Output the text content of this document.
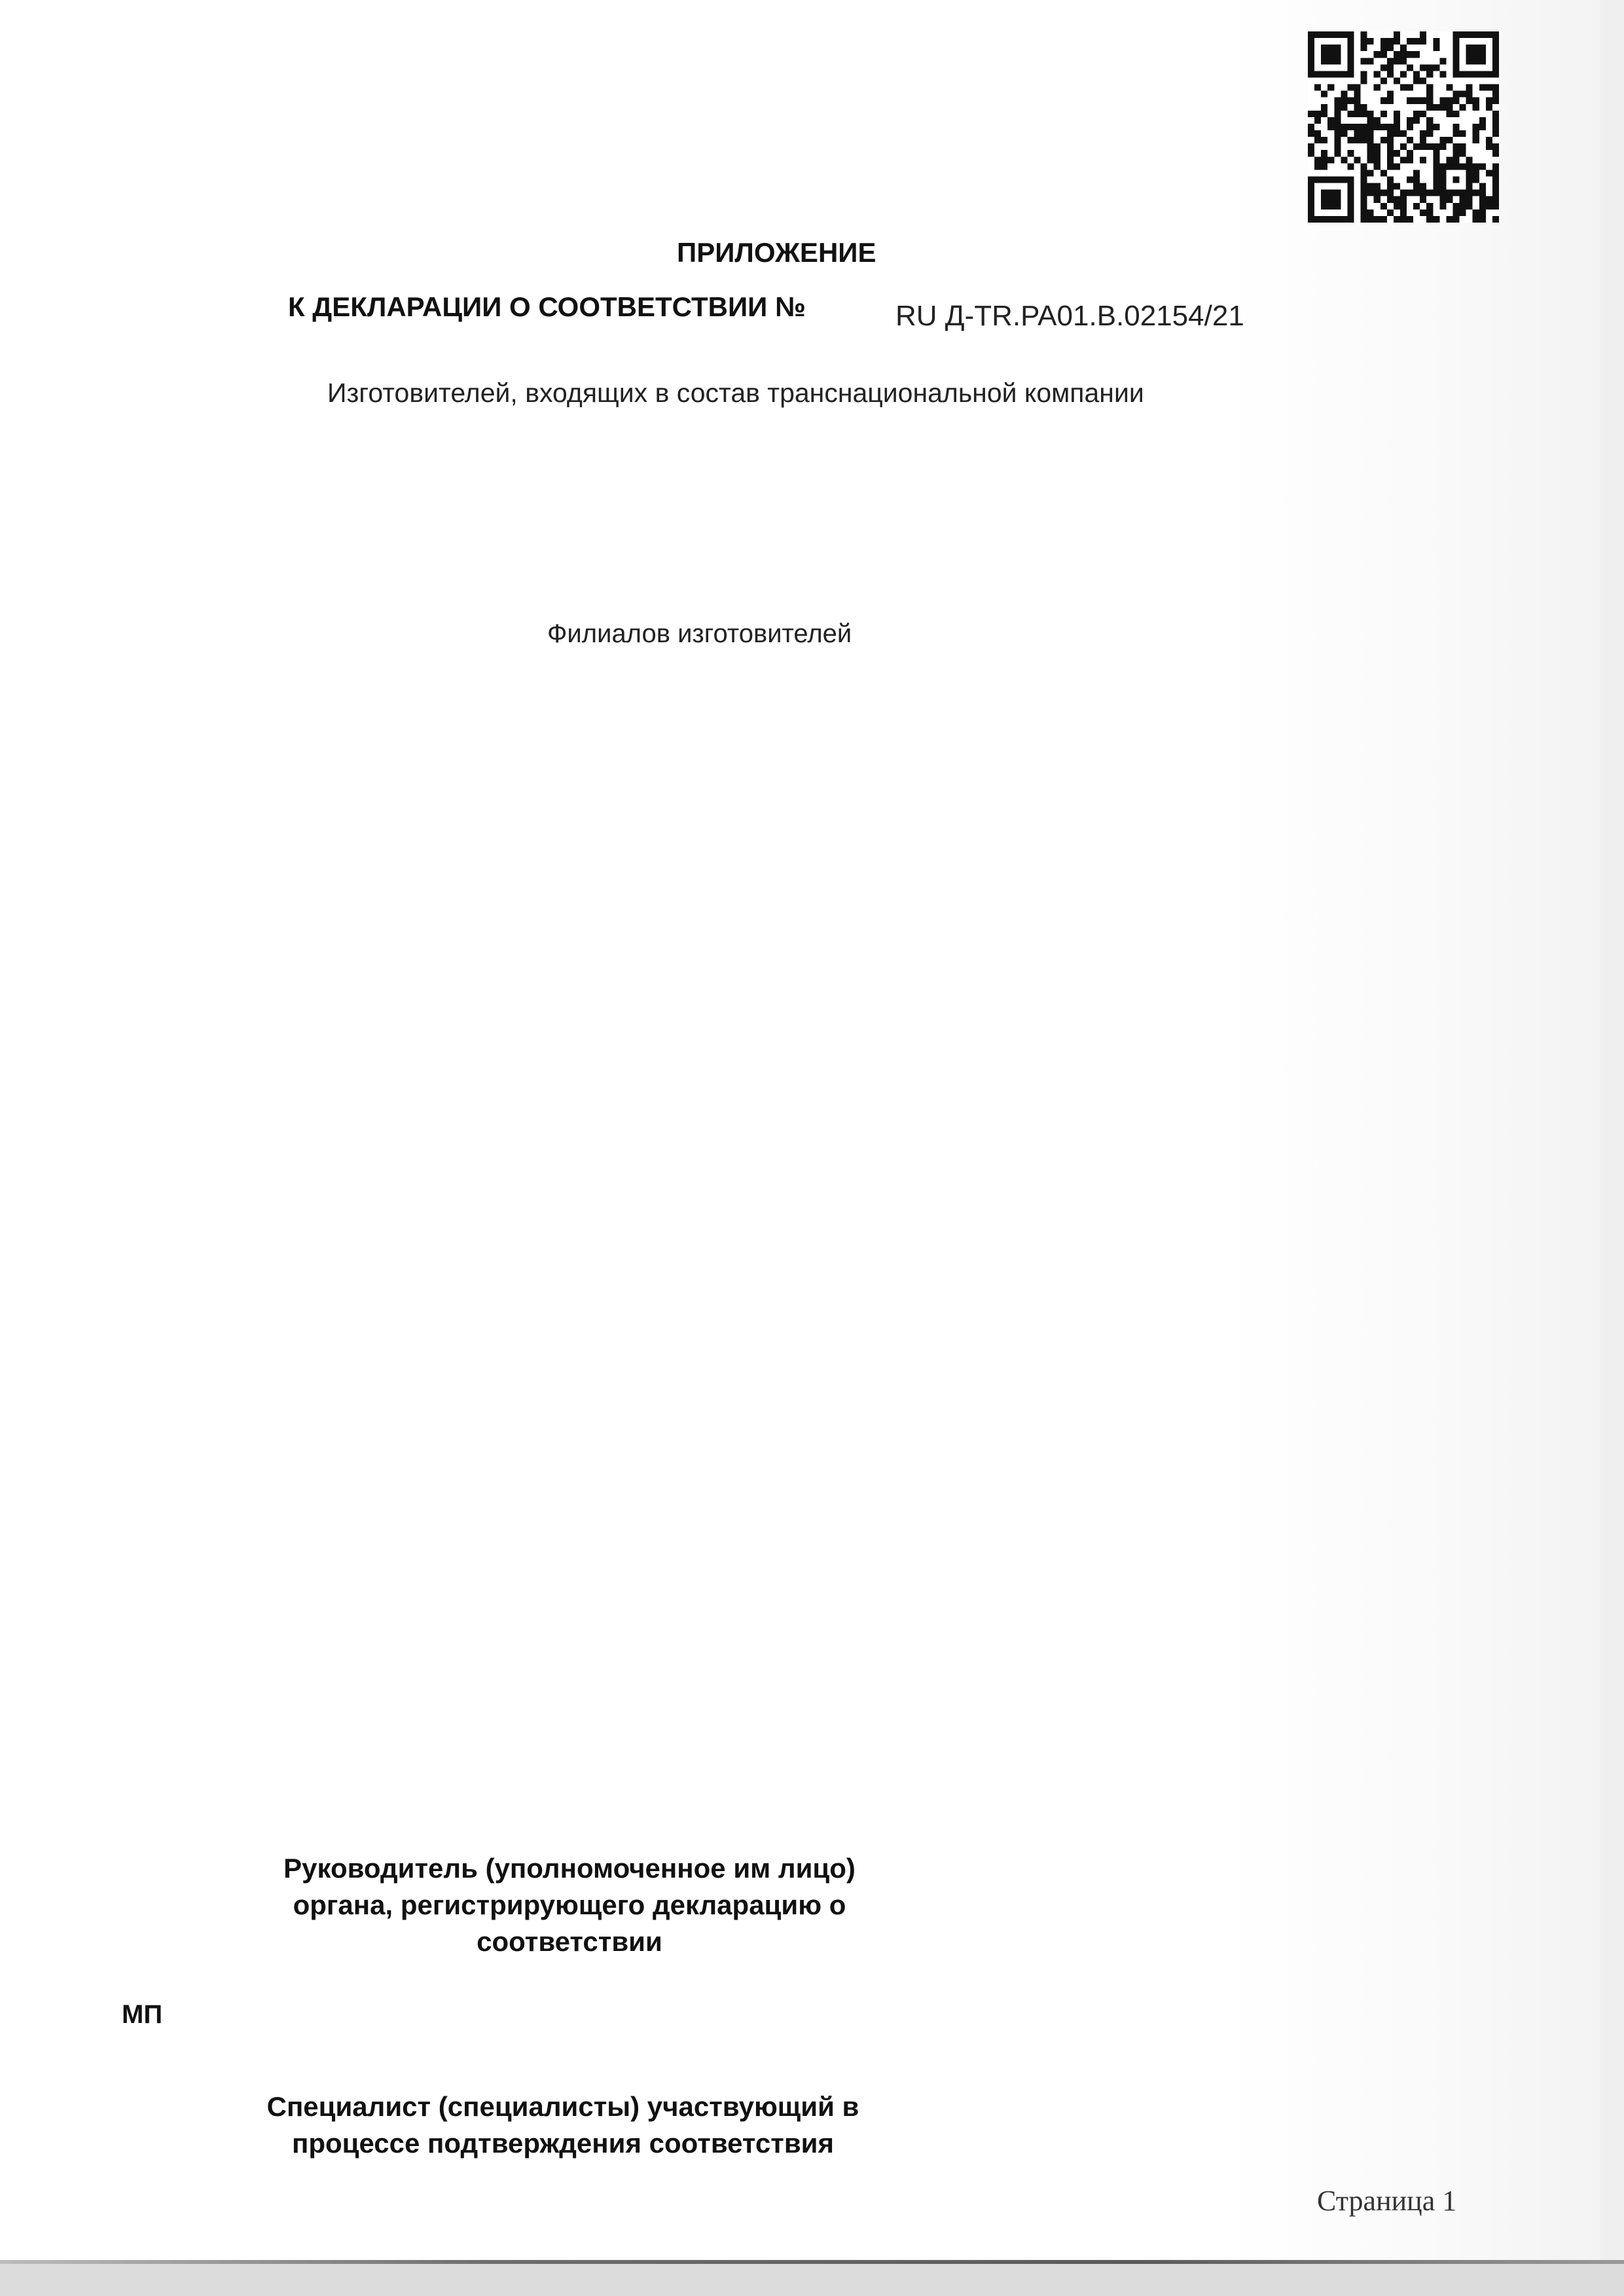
ПРИЛОЖЕНИЕ
К ДЕКЛАРАЦИИ О СООТВЕТСТВИИ №	RU Д-TR.PA01.B.02154/21
Изготовителей, входящих в состав транснациональной компании
Филиалов изготовителей
Руководитель (уполномоченное им лицо)
органа, регистрирующего декларацию о
соответствии
МП
Специалист (специалисты) участвующий в
процессе подтверждения соответствия
Страница 1
